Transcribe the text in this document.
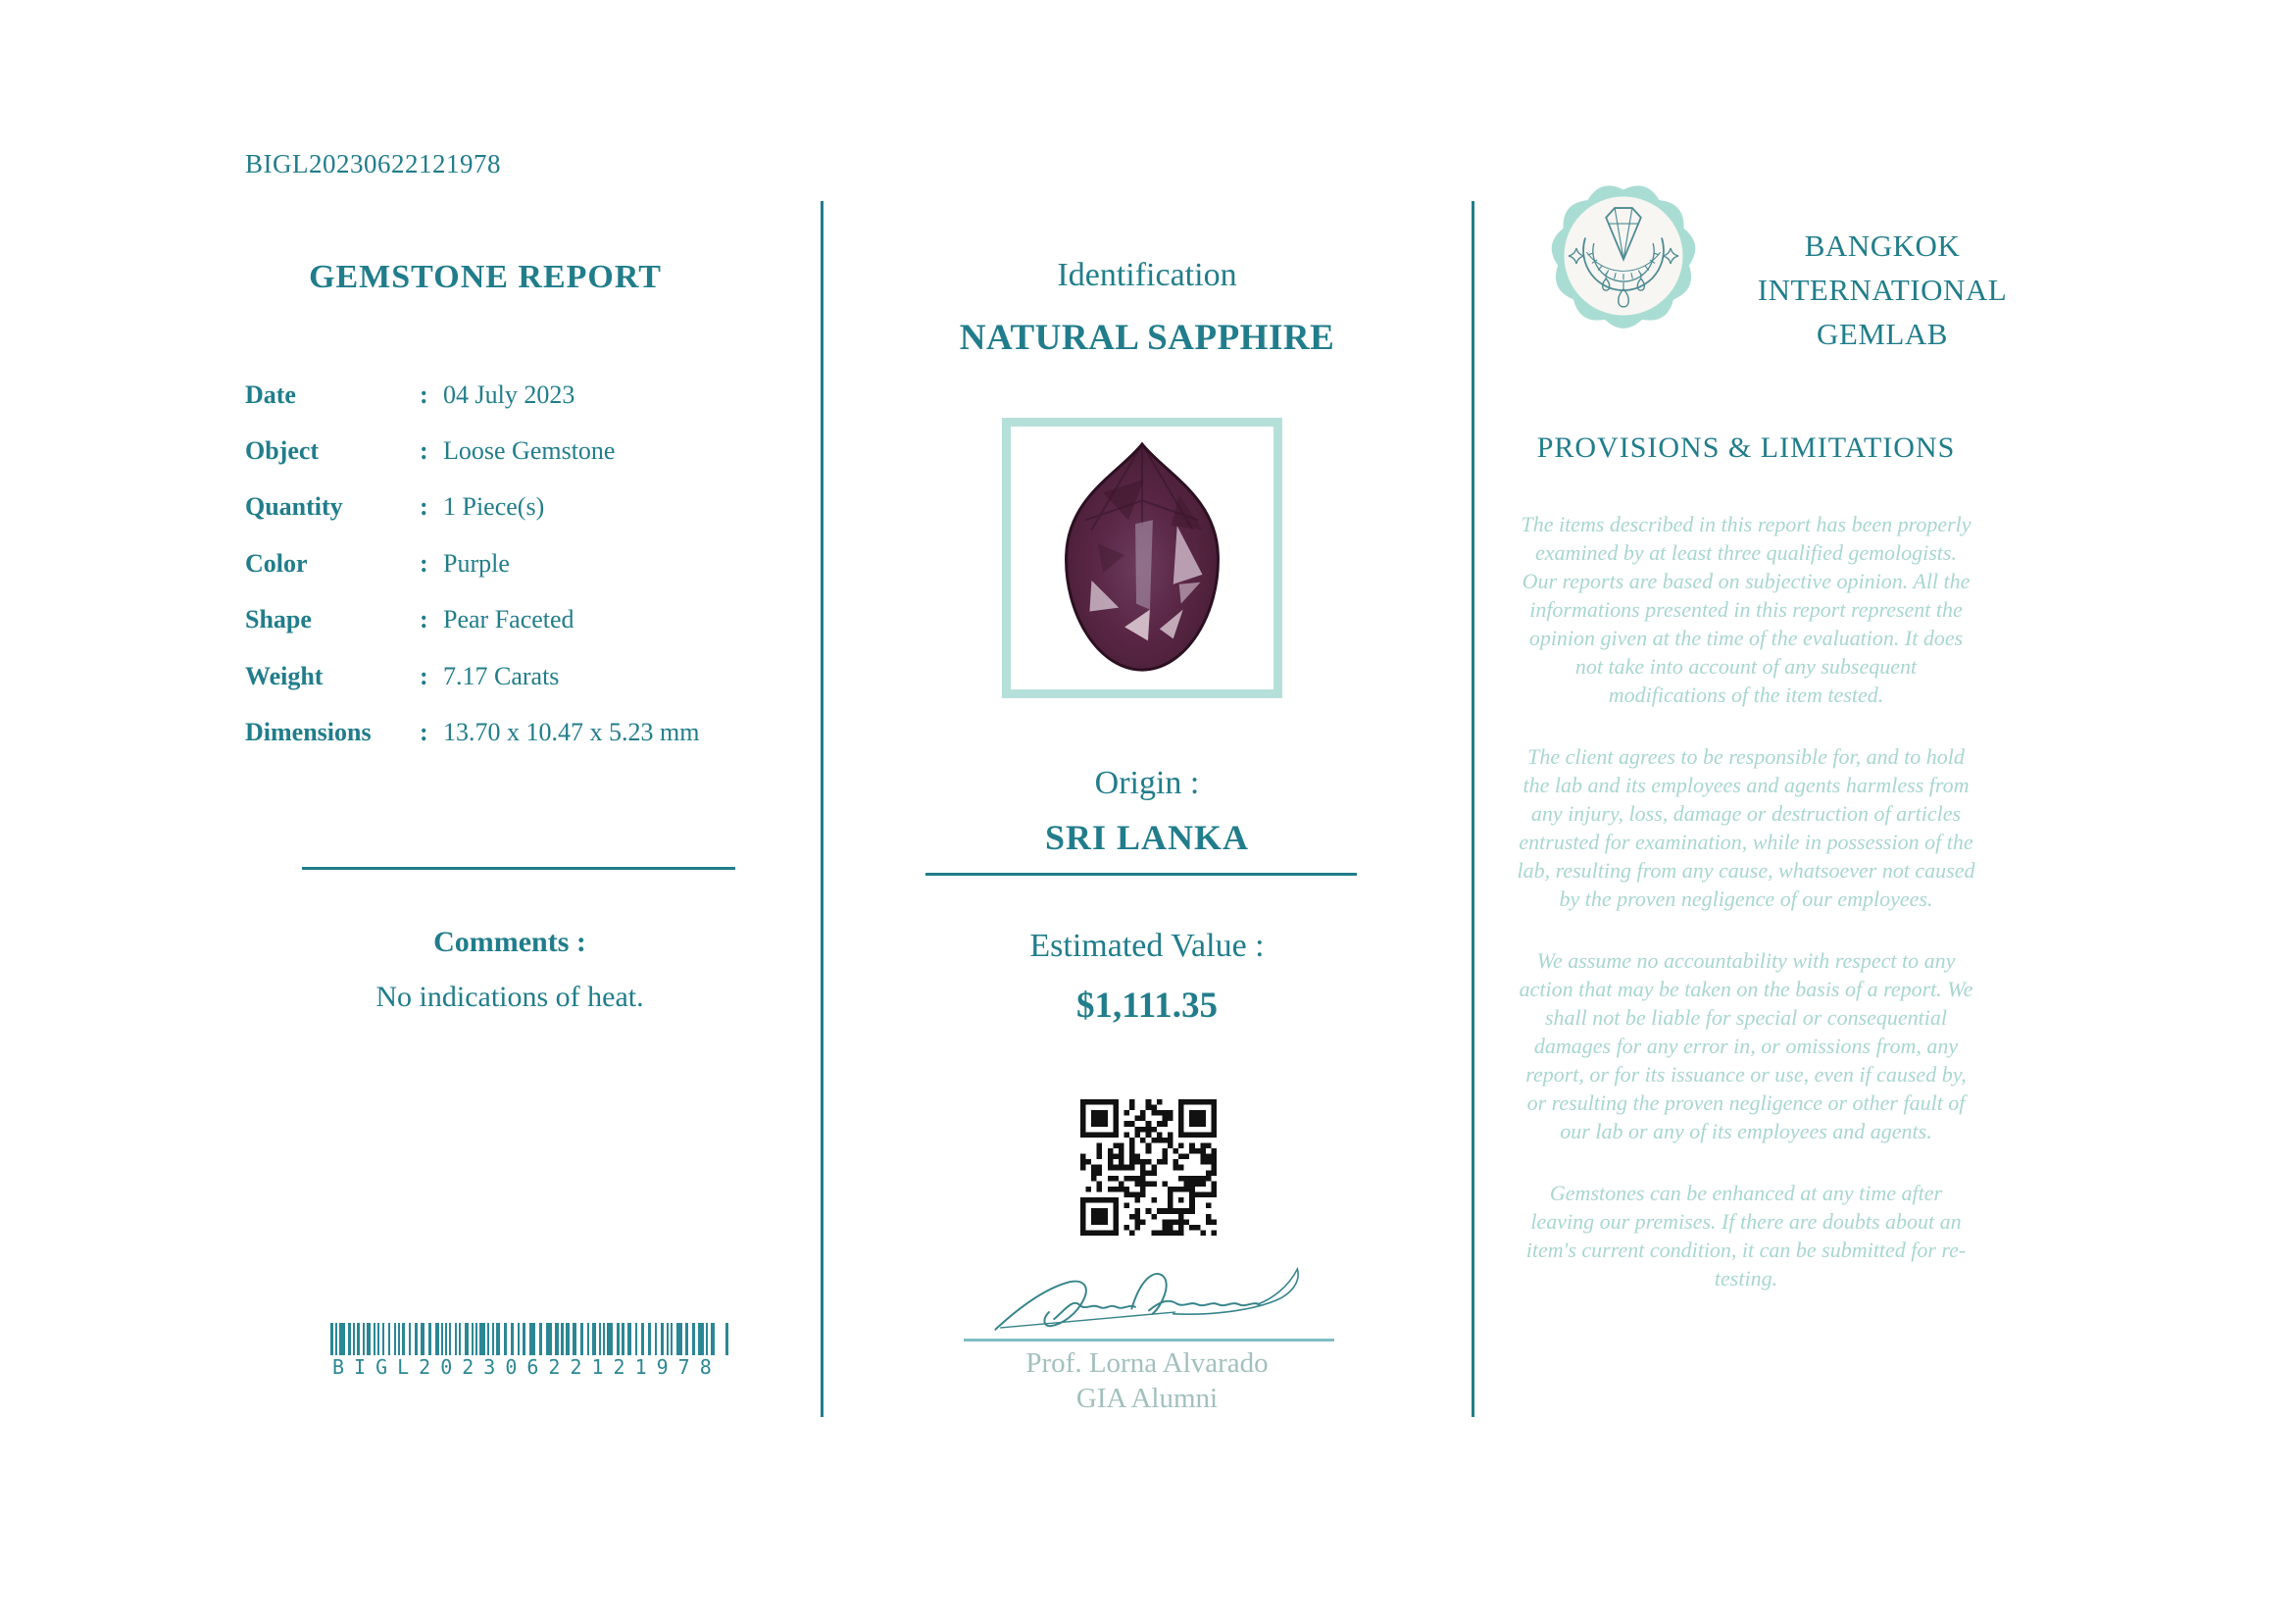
BIGL20230622121978
GEMSTONE REPORT
Date	: 04 July 2023
Object	: Loose Gemstone
Quantity	: 1 Piece(s)
Color	: Purple
Shape	: Pear Faceted
Weight	: 7.17 Carats
Dimensions	: 13.70 x 10.47 x 5.23 mm
Comments :
No indications of heat.
BIGL20230622121978
Identification
NATURAL SAPPHIRE
Origin :
SRI LANKA
Estimated Value :
$1,111.35
Prof. Lorna Alvarado
GIA Alumni
BANGKOK
INTERNATIONAL
GEMLAB
PROVISIONS & LIMITATIONS

The items described in this report has been properly examined by at least three qualified gemologists. Our reports are based on subjective opinion. All the informations presented in this report represent the opinion given at the time of the evaluation. It does not take into account of any subsequent modifications of the item tested.

The client agrees to be responsible for, and to hold the lab and its employees and agents harmless from any injury, loss, damage or destruction of articles entrusted for examination, while in possession of the lab, resulting from any cause, whatsoever not caused by the proven negligence of our employees.

We assume no accountability with respect to any action that may be taken on the basis of a report. We shall not be liable for special or consequential damages for any error in, or omissions from, any report, or for its issuance or use, even if caused by, or resulting the proven negligence or other fault of our lab or any of its employees and agents.

Gemstones can be enhanced at any time after leaving our premises. If there are doubts about an item's current condition, it can be submitted for re-testing.
